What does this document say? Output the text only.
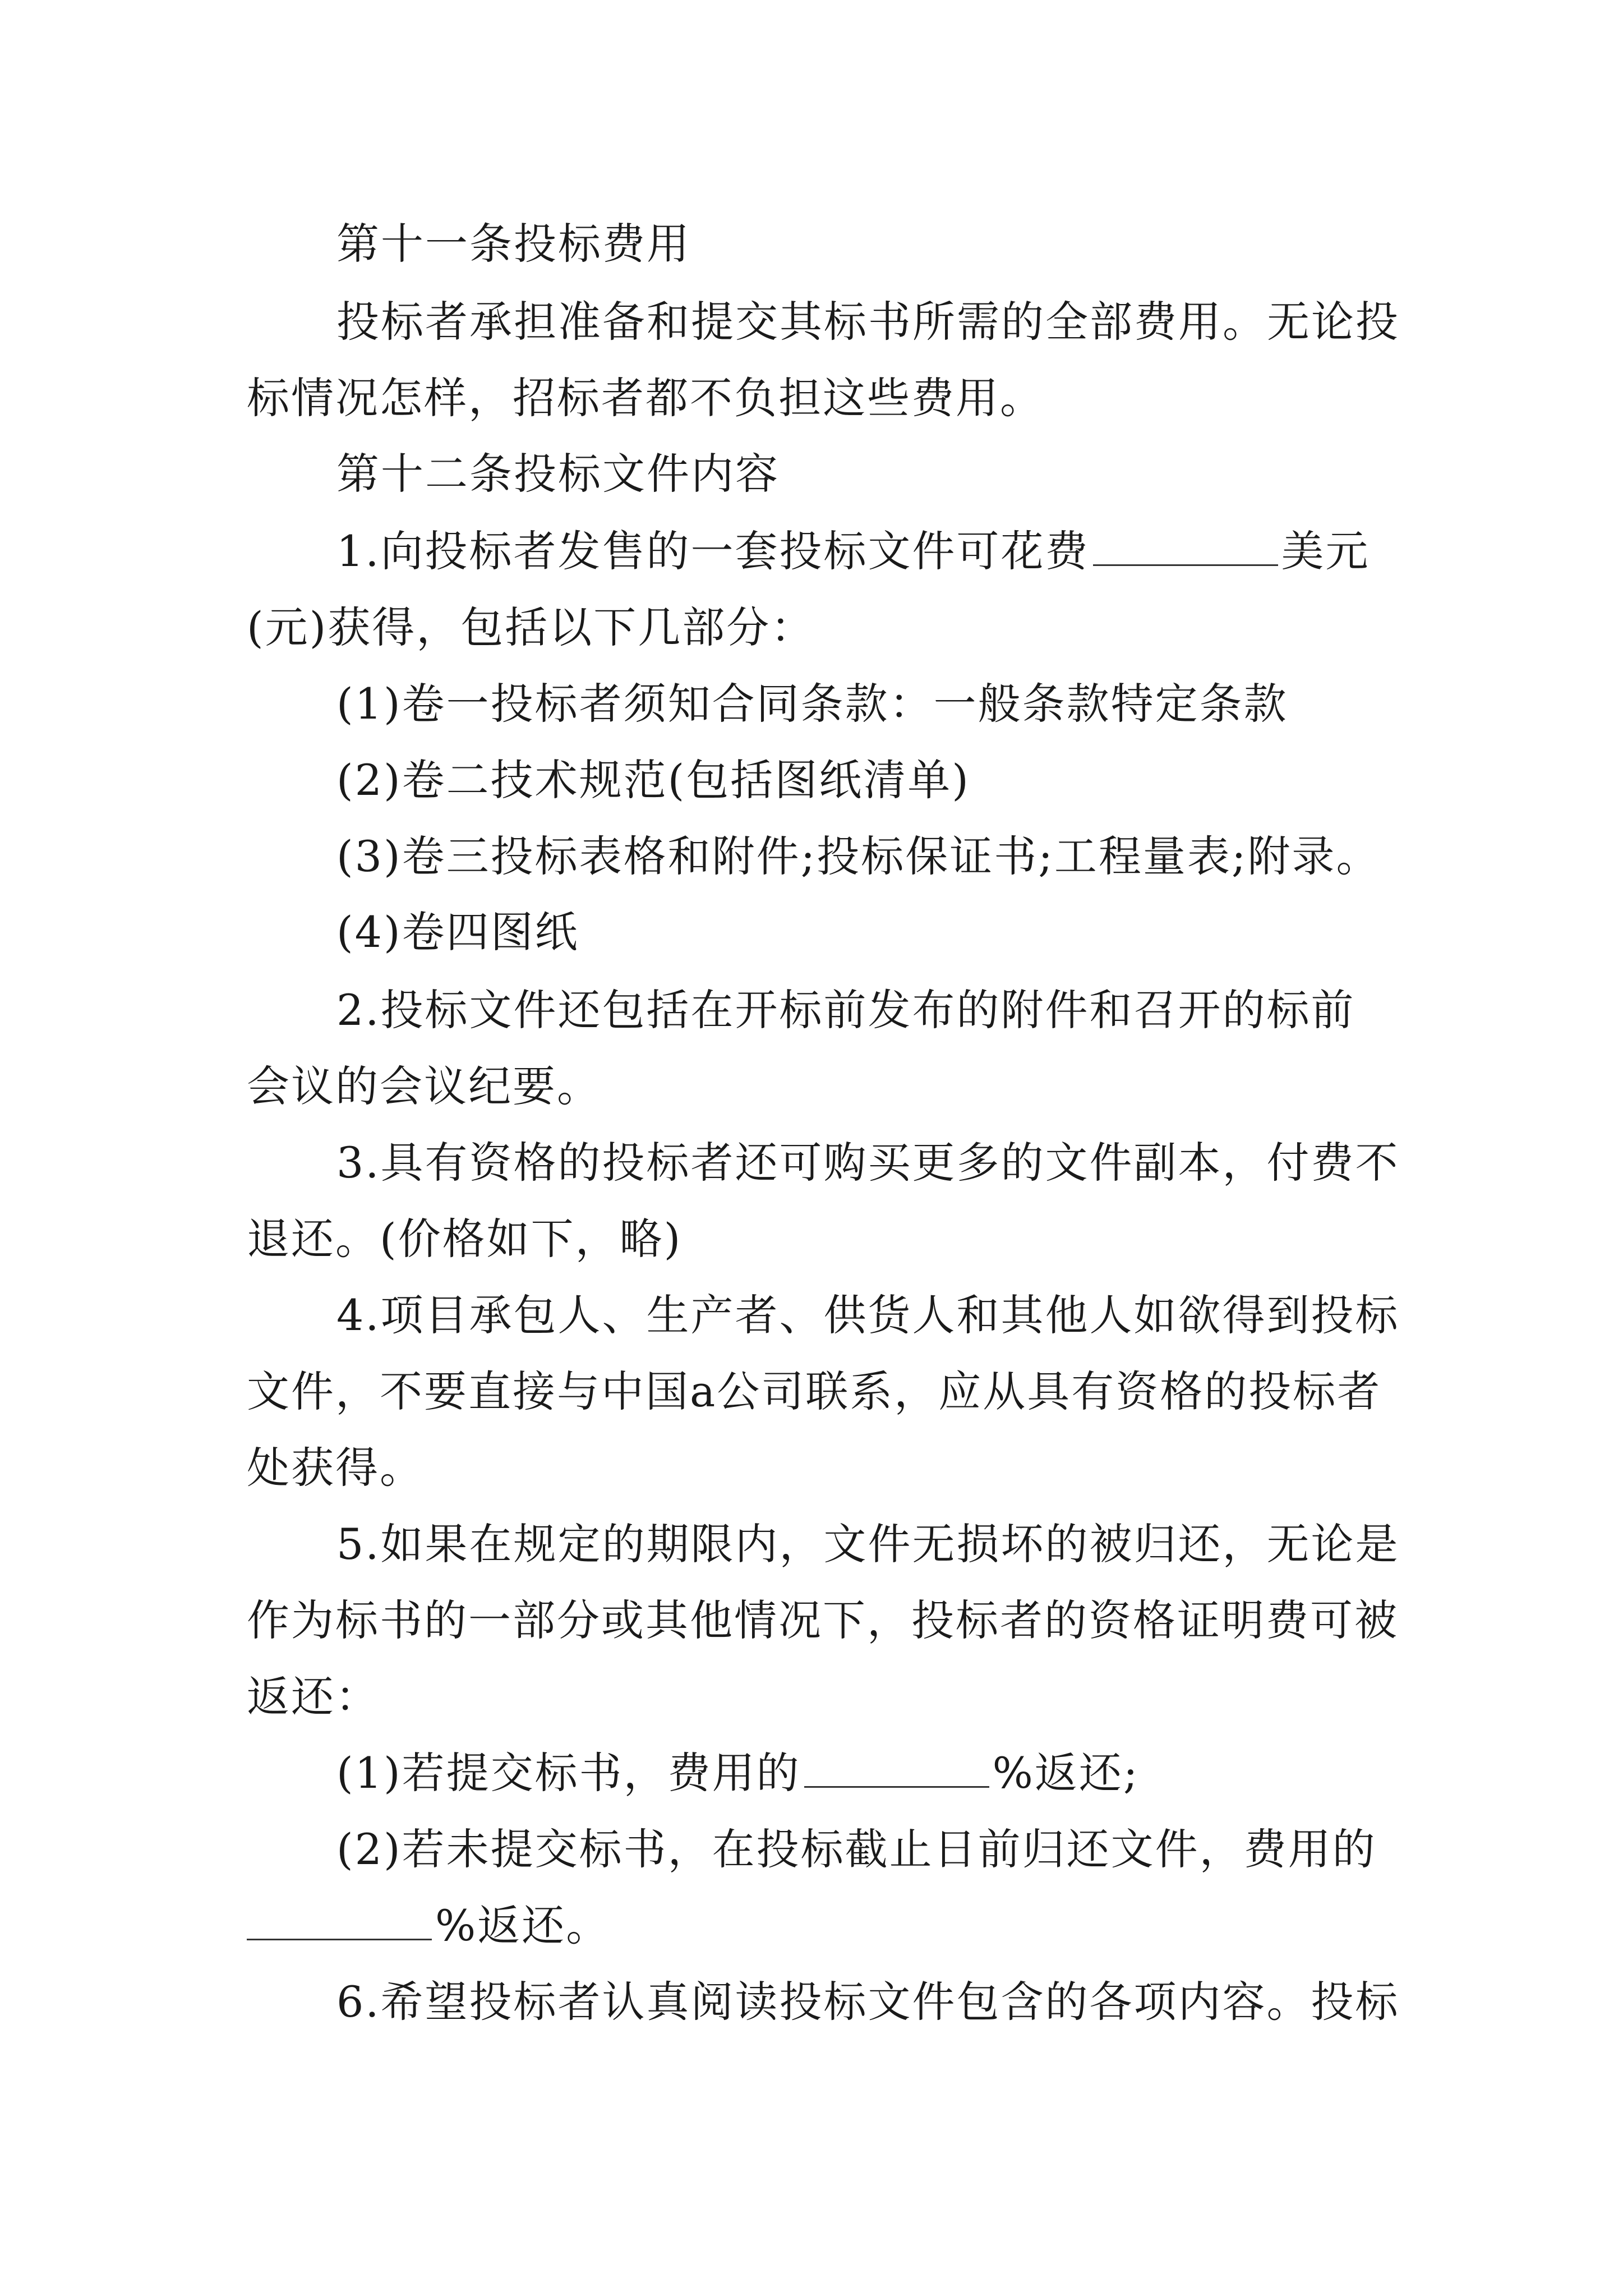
第十一条投标费用
投标者承担准备和提交其标书所需的全部费用。无论投
标情况怎样，招标者都不负担这些费用。
第十二条投标文件内容
1.向投标者发售的一套投标文件可花费	美元
(元)获得，包括以下几部分：
(1)卷一投标者须知合同条款：一般条款特定条款
(2)卷二技术规范(包括图纸清单)
(3)卷三投标表格和附件;投标保证书;工程量表;附录。
(4)卷四图纸
2.投标文件还包括在开标前发布的附件和召开的标前
会议的会议纪要。
3.具有资格的投标者还可购买更多的文件副本，付费不
退还。(价格如下，略)
4.项目承包人、生产者、供货人和其他人如欲得到投标
文件，不要直接与中国a公司联系，应从具有资格的投标者
处获得。
5.如果在规定的期限内，文件无损坏的被归还，无论是
作为标书的一部分或其他情况下，投标者的资格证明费可被
返还：
(1)若提交标书，费用的	%返还;
(2)若未提交标书，在投标截止日前归还文件，费用的
%返还。
6.希望投标者认真阅读投标文件包含的各项内容。投标
